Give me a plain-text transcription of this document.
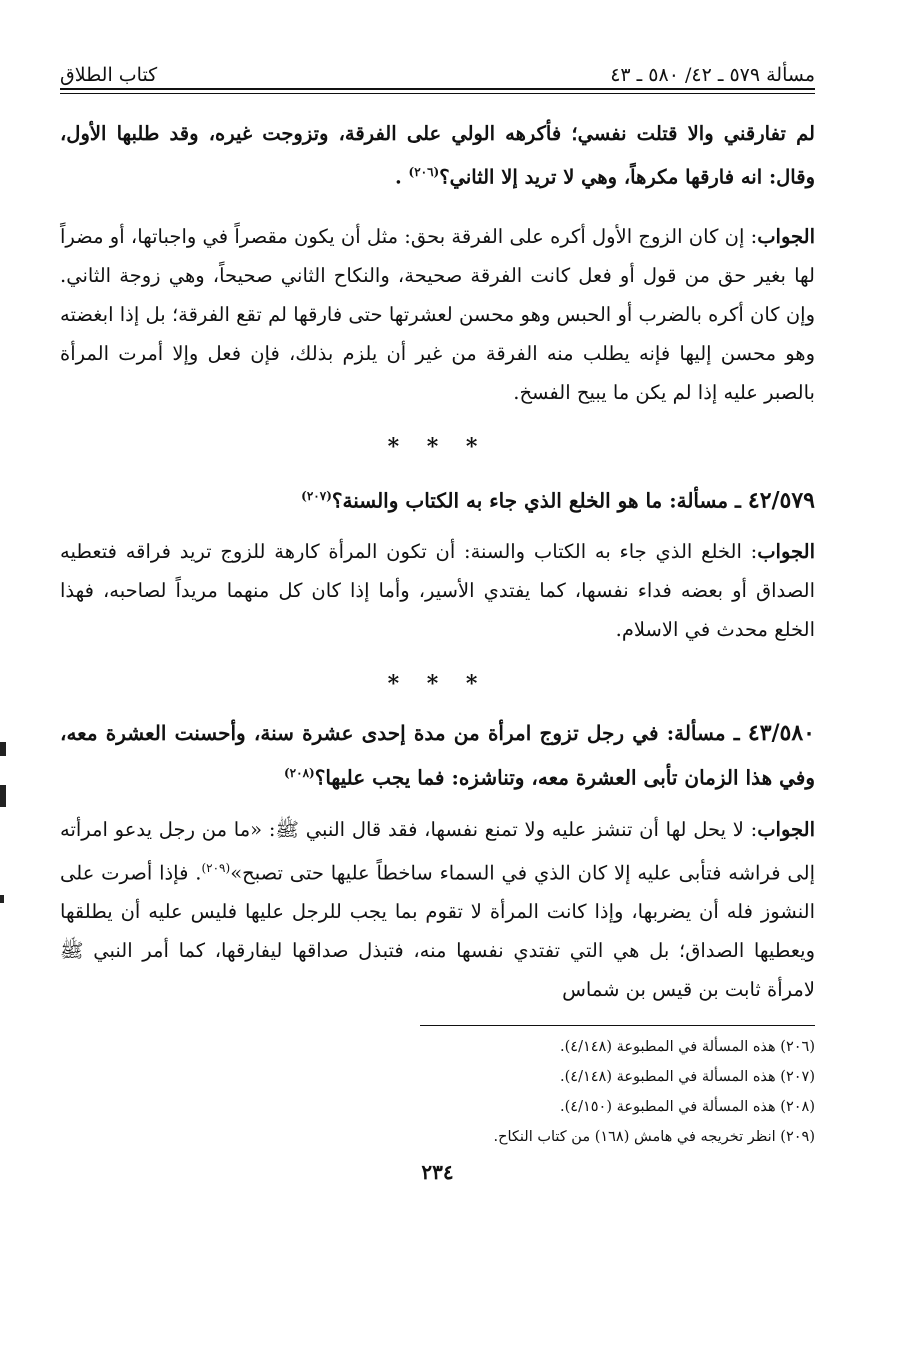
مسألة ٥٧٩ ـ ٤٢/ ٥٨٠ ـ ٤٣
كتاب الطلاق

لم تفارقني والا قتلت نفسي؛ فأكرهه الولي على الفرقة، وتزوجت غيره، وقد طلبها الأول، وقال: انه فارقها مكرهاً، وهي لا تريد إلا الثاني؟$^{(٢٠٦)}$ .

الجواب: إن كان الزوج الأول أكره على الفرقة بحق: مثل أن يكون مقصراً في واجباتها، أو مضراً لها بغير حق من قول أو فعل كانت الفرقة صحيحة، والنكاح الثاني صحيحاً، وهي زوجة الثاني. وإن كان أكره بالضرب أو الحبس وهو محسن لعشرتها حتى فارقها لم تقع الفرقة؛ بل إذا ابغضته وهو محسن إليها فإنه يطلب منه الفرقة من غير أن يلزم بذلك، فإن فعل وإلا أمرت المرأة بالصبر عليه إذا لم يكن ما يبيح الفسخ.

* * *

٤٢/٥٧٩ ـ مسألة: ما هو الخلع الذي جاء به الكتاب والسنة؟$^{(٢٠٧)}$

الجواب: الخلع الذي جاء به الكتاب والسنة: أن تكون المرأة كارهة للزوج تريد فراقه فتعطيه الصداق أو بعضه فداء نفسها، كما يفتدي الأسير، وأما إذا كان كل منهما مريداً لصاحبه، فهذا الخلع محدث في الاسلام.

* * *

٤٣/٥٨٠ ـ مسألة: في رجل تزوج امرأة من مدة إحدى عشرة سنة، وأحسنت العشرة معه، وفي هذا الزمان تأبى العشرة معه، وتناشزه: فما يجب عليها؟$^{(٢٠٨)}$

الجواب: لا يحل لها أن تنشز عليه ولا تمنع نفسها، فقد قال النبي ﷺ: «ما من رجل يدعو امرأته إلى فراشه فتأبى عليه إلا كان الذي في السماء ساخطاً عليها حتى تصبح»$^{(٢٠٩)}$. فإذا أصرت على النشوز فله أن يضربها، وإذا كانت المرأة لا تقوم بما يجب للرجل عليها فليس عليه أن يطلقها ويعطيها الصداق؛ بل هي التي تفتدي نفسها منه، فتبذل صداقها ليفارقها، كما أمر النبي ﷺ لامرأة ثابت بن قيس بن شماس

(٢٠٦) هذه المسألة في المطبوعة (٤/١٤٨).

(٢٠٧) هذه المسألة في المطبوعة (٤/١٤٨).

(٢٠٨) هذه المسألة في المطبوعة (٤/١٥٠).

(٢٠٩) انظر تخريجه في هامش (١٦٨) من كتاب النكاح.

٢٣٤
